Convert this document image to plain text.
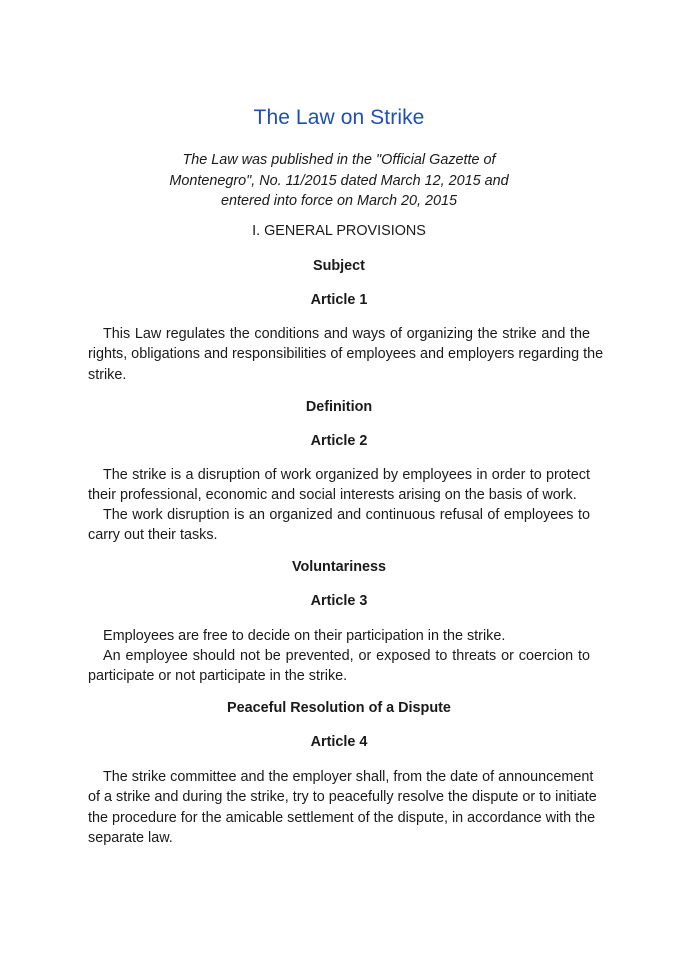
The Law on Strike
The Law was published in the "Official Gazette of
Montenegro", No. 11/2015 dated March 12, 2015 and
entered into force on March 20, 2015
I. GENERAL PROVISIONS
Subject
Article 1
This Law regulates the conditions and ways of organizing the strike and the
rights, obligations and responsibilities of employees and employers regarding the
strike.
Definition
Article 2
The strike is a disruption of work organized by employees in order to protect
their professional, economic and social interests arising on the basis of work.
The work disruption is an organized and continuous refusal of employees to
carry out their tasks.
Voluntariness
Article 3
Employees are free to decide on their participation in the strike.
An employee should not be prevented, or exposed to threats or coercion to
participate or not participate in the strike.
Peaceful Resolution of a Dispute
Article 4
The strike committee and the employer shall, from the date of announcement
of a strike and during the strike, try to peacefully resolve the dispute or to initiate
the procedure for the amicable settlement of the dispute, in accordance with the
separate law.
